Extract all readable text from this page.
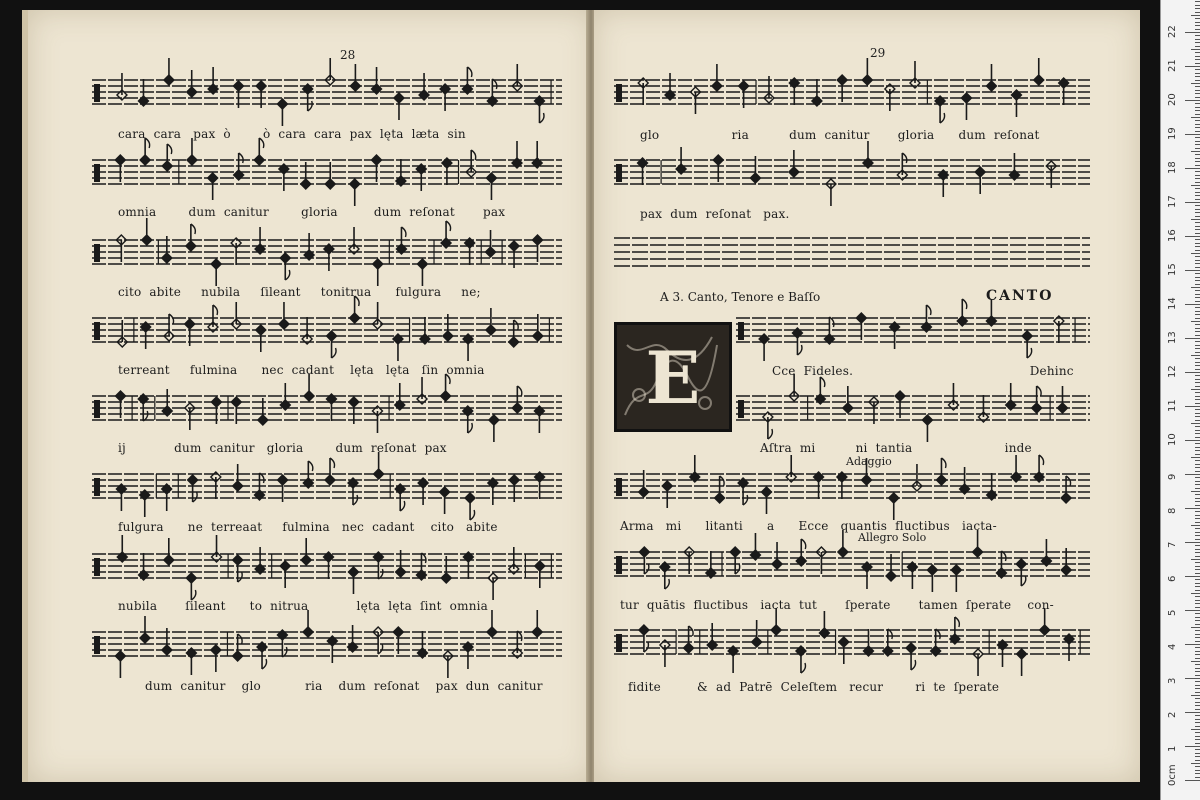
28	29
cara  cara   pax  ò        ò  cara  cara  pax  lęta  læta  sin
omnia        dum  canitur        gloria         dum  reſonat       pax
cito  abite     nubila     ſileant     tonitrua      fulgura     ne;
terreant     fulmina      nec  cadant    lęta   lęta   ſin  omnia
ij            dum  canitur   gloria        dum  reſonat  pax
fulgura      ne  terreaat     fulmina   nec  cadant    cito   abite
nubila       ſileant      to  nitrua            lęta  lęta  ſint  omnia
dum  canitur    glo           ria    dum  reſonat    pax  dun  canitur
glo                  ria          dum  canitur       gloria      dum  reſonat
pax  dum  reſonat   pax.
A 3. Canto, Tenore e Baſſo	CANTO
E	Cce  Fideles.                                            Dehinc
Aſtra  mi          ni  tantia                       inde
Adaggio
Arma   mi      litanti      a      Ecce   quantis  fluctibus   iacta-
Allegro Solo
tur  quātis  fluctibus   iacta  tut       ſperate       tamen  ſperate    con-
fidite         &  ad  Patrē  Celeſtem   recur        ri  te  ſperate
0cm
1
2
3
4
5
6
7
8
9
10
11
12
13
14
15
16
17
18
19
20
21
22
